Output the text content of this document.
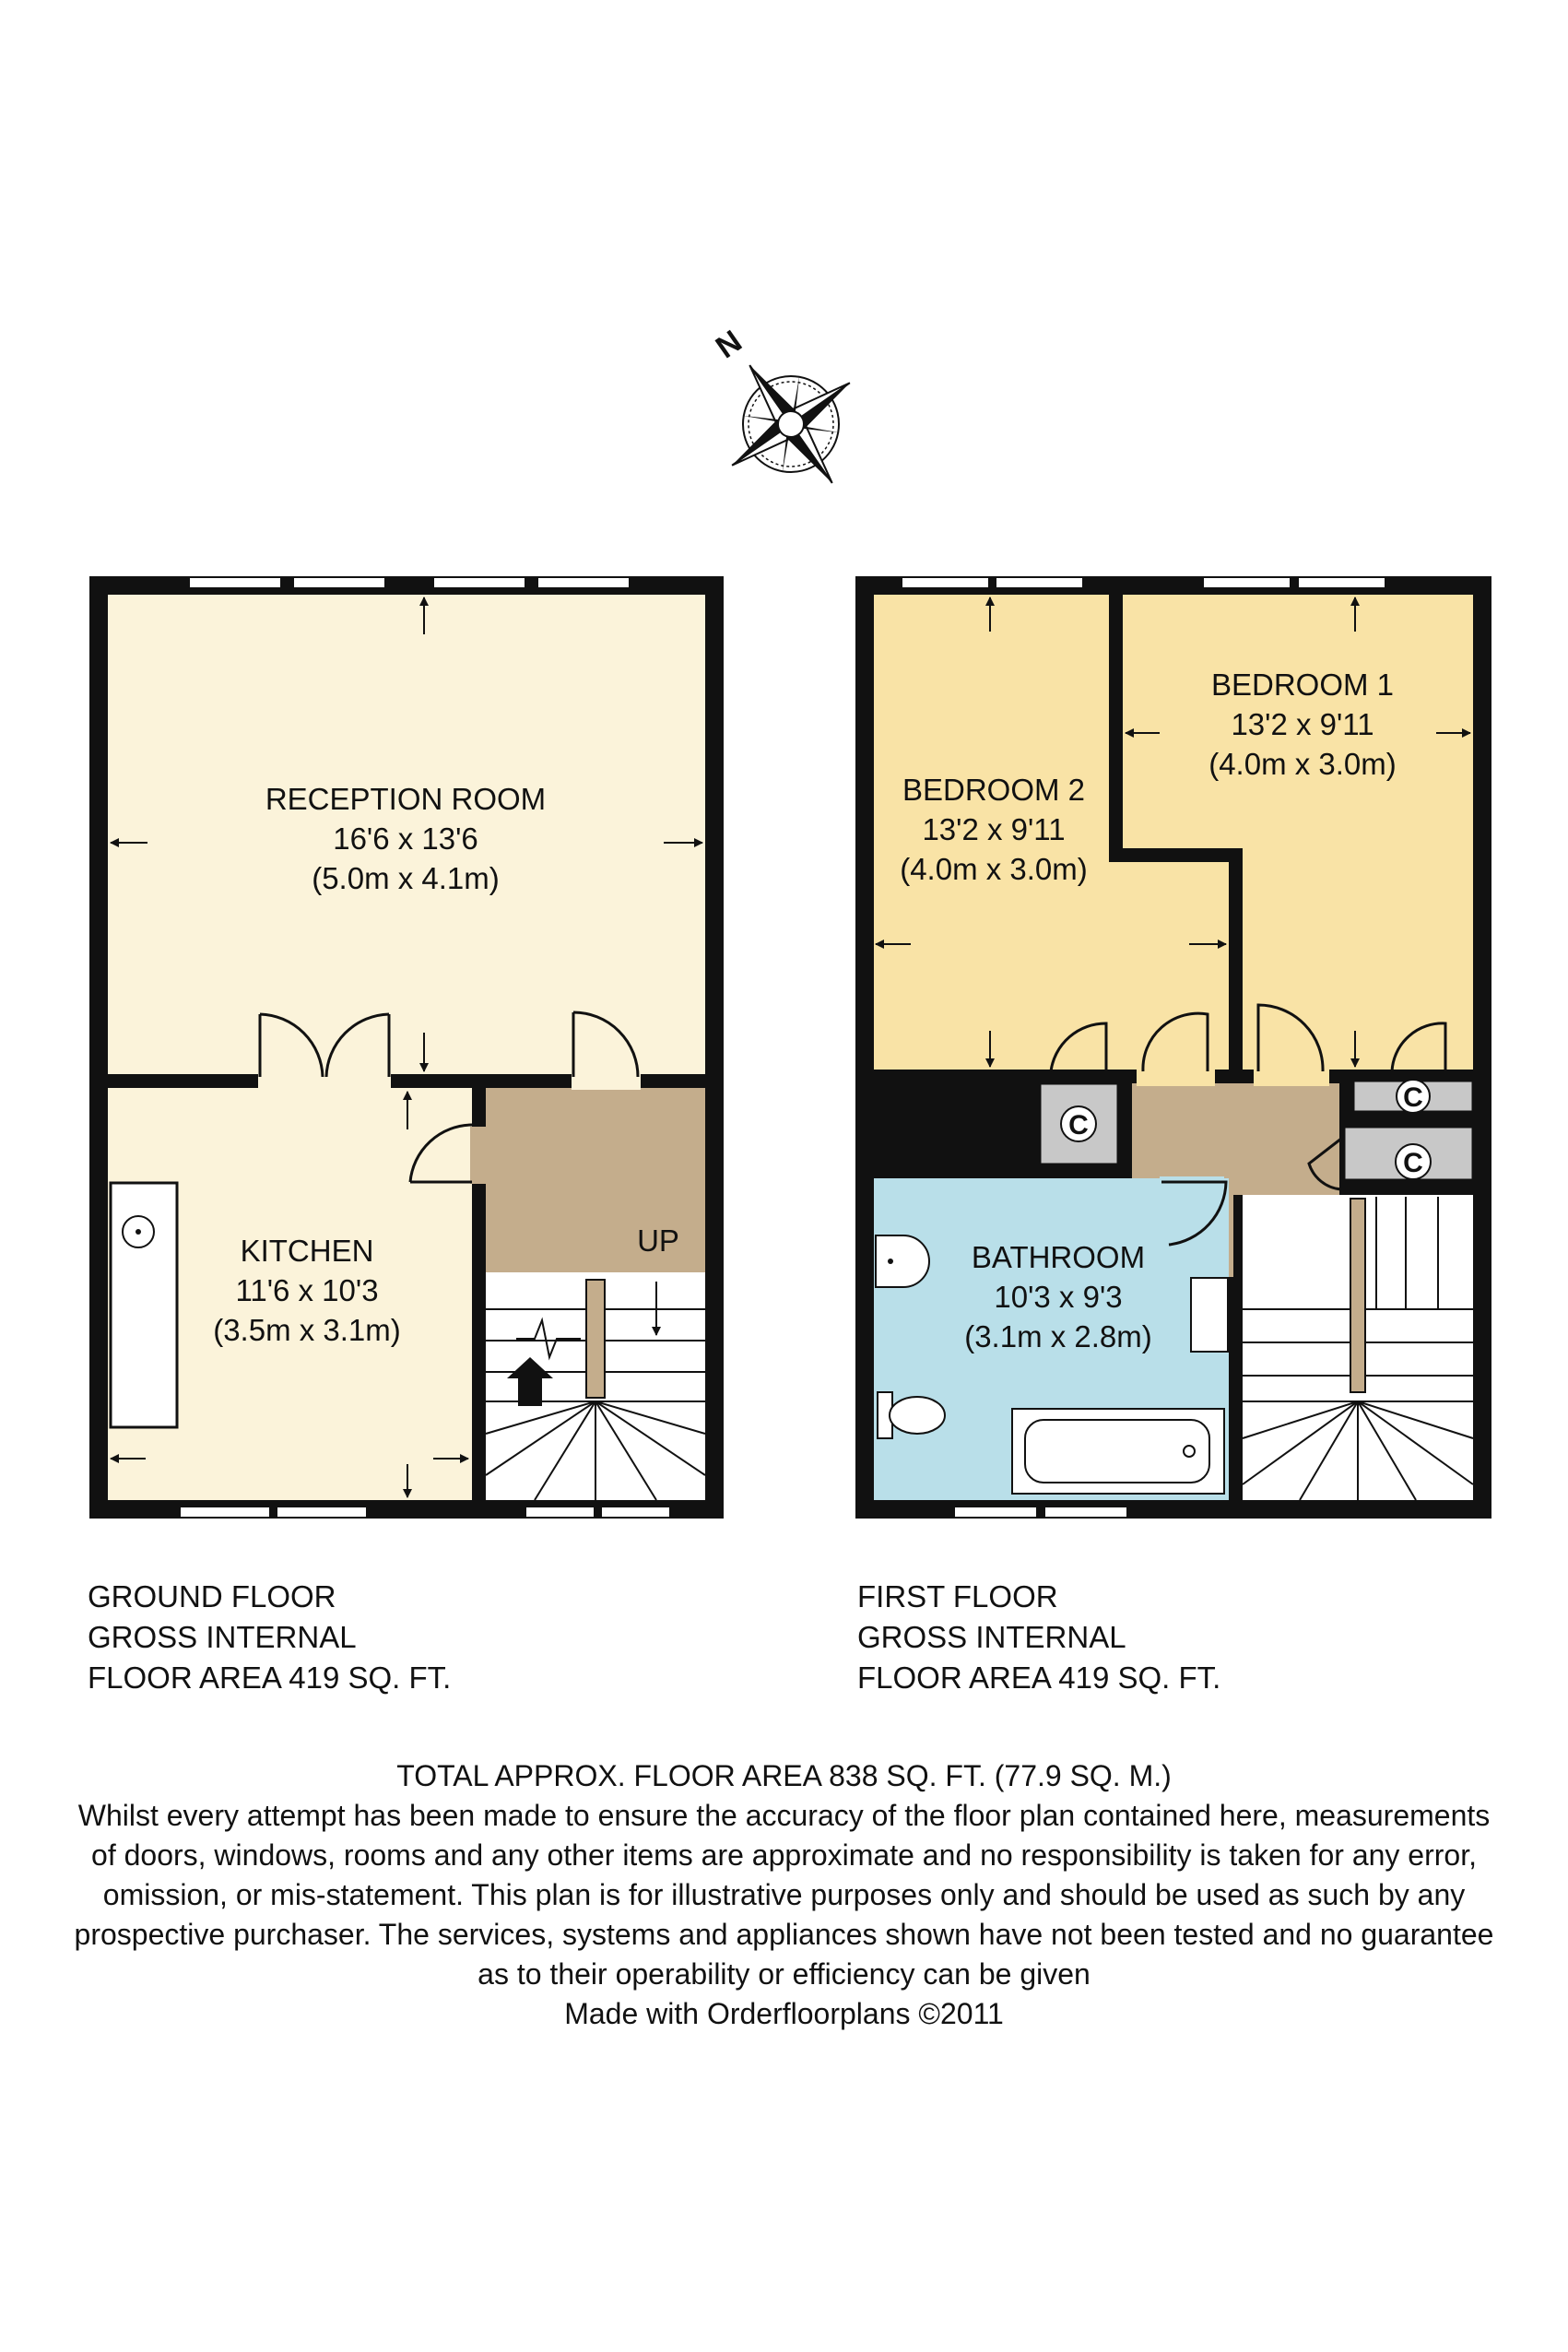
N
UP
RECEPTION ROOM
16'6 x 13'6
(5.0m x 4.1m)
KITCHEN
11'6 x 10'3
(3.5m x 3.1m)
C
C
C
BEDROOM 1
13'2 x 9'11
(4.0m x 3.0m)
BEDROOM 2
13'2 x 9'11
(4.0m x 3.0m)
BATHROOM
10'3 x 9'3
(3.1m x 2.8m)
GROUND FLOOR
GROSS INTERNAL
FLOOR AREA 419 SQ. FT.
FIRST FLOOR
GROSS INTERNAL
FLOOR AREA 419 SQ. FT.
TOTAL APPROX. FLOOR AREA 838 SQ. FT. (77.9 SQ. M.)
Whilst every attempt has been made to ensure the accuracy of the floor plan contained here, measurements
of doors, windows, rooms and any other items are approximate and no responsibility is taken for any error,
omission, or mis-statement. This plan is for illustrative purposes only and should be used as such by any
prospective purchaser. The services, systems and appliances shown have not been tested and no guarantee
as to their operability or efficiency can be given
Made with Orderfloorplans ©2011
